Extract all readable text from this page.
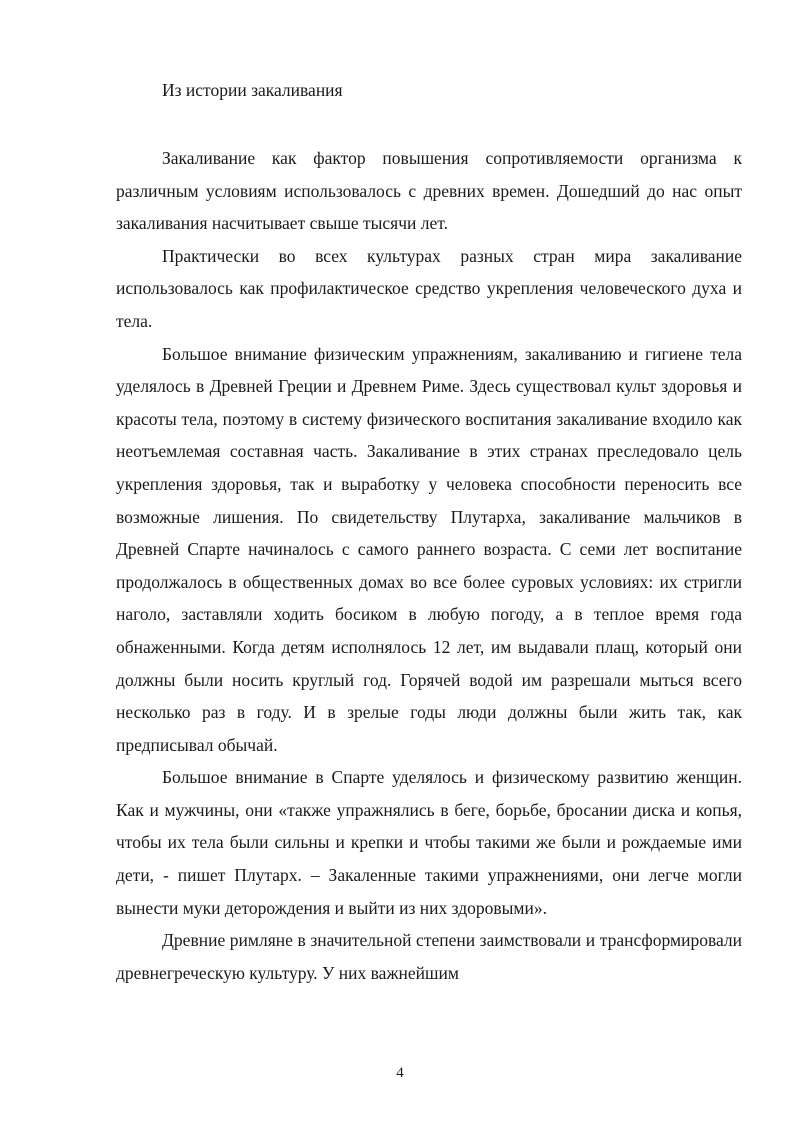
Из истории закаливания

Закаливание как фактор повышения сопротивляемости организма к различным условиям использовалось с древних времен. Дошедший до нас опыт закаливания насчитывает свыше тысячи лет.

Практически во всех культурах разных стран мира закаливание использовалось как профилактическое средство укрепления человеческого духа и тела.

Большое внимание физическим упражнениям, закаливанию и гигиене тела уделялось в Древней Греции и Древнем Риме. Здесь существовал культ здоровья и красоты тела, поэтому в систему физического воспитания закаливание входило как неотъемлемая составная часть. Закаливание в этих странах преследовало цель укрепления здоровья, так и выработку у человека способности переносить все возможные лишения. По свидетельству Плутарха, закаливание мальчиков в Древней Спарте начиналось с самого раннего возраста. С семи лет воспитание продолжалось в общественных домах во все более суровых условиях: их стригли наголо, заставляли ходить босиком в любую погоду, а в теплое время года обнаженными. Когда детям исполнялось 12 лет, им выдавали плащ, который они должны были носить круглый год. Горячей водой им разрешали мыться всего несколько раз в году. И в зрелые годы люди должны были жить так, как предписывал обычай.

Большое внимание в Спарте уделялось и физическому развитию женщин. Как и мужчины, они «также упражнялись в беге, борьбе, бросании диска и копья, чтобы их тела были сильны и крепки и чтобы такими же были и рождаемые ими дети, - пишет Плутарх. – Закаленные такими упражнениями, они легче могли вынести муки деторождения и выйти из них здоровыми».

Древние римляне в значительной степени заимствовали и трансформировали древнегреческую культуру. У них важнейшим

4
